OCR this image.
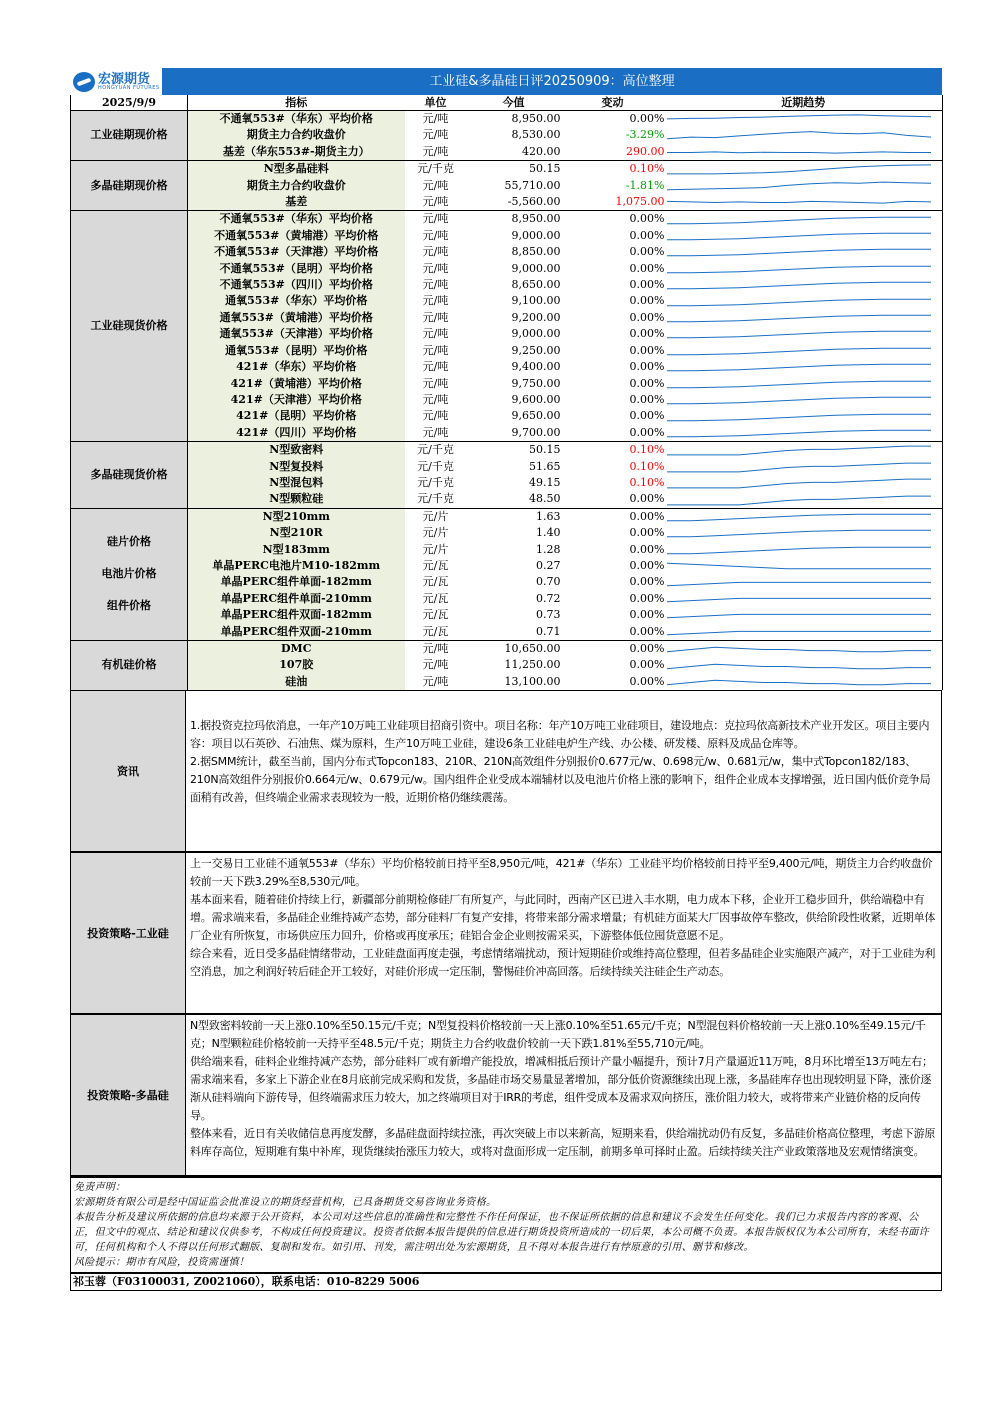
宏源期货
HONGYUAN FUTURES	工业硅&多晶硅日评20250909：高位整理
2025/9/9	指标	单位	今值	变动	近期趋势
工业硅期现价格	不通氧553#（华东）平均价格	元/吨	8,950.00	0.00%	

	期货主力合约收盘价	元/吨	8,530.00	-3.29%	

	基差（华东553#-期货主力）	元/吨	420.00	290.00	

多晶硅期现价格	N型多晶硅料	元/千克	50.15	0.10%	

	期货主力合约收盘价	元/吨	55,710.00	-1.81%	

	基差	元/吨	-5,560.00	1,075.00	

工业硅现货价格	不通氧553#（华东）平均价格	元/吨	8,950.00	0.00%	

	不通氧553#（黄埔港）平均价格	元/吨	9,000.00	0.00%	

	不通氧553#（天津港）平均价格	元/吨	8,850.00	0.00%	

	不通氧553#（昆明）平均价格	元/吨	9,000.00	0.00%	

	不通氧553#（四川）平均价格	元/吨	8,650.00	0.00%	

	通氧553#（华东）平均价格	元/吨	9,100.00	0.00%	

	通氧553#（黄埔港）平均价格	元/吨	9,200.00	0.00%	

	通氧553#（天津港）平均价格	元/吨	9,000.00	0.00%	

	通氧553#（昆明）平均价格	元/吨	9,250.00	0.00%	

	421#（华东）平均价格	元/吨	9,400.00	0.00%	

	421#（黄埔港）平均价格	元/吨	9,750.00	0.00%	

	421#（天津港）平均价格	元/吨	9,600.00	0.00%	

	421#（昆明）平均价格	元/吨	9,650.00	0.00%	

	421#（四川）平均价格	元/吨	9,700.00	0.00%	

多晶硅现货价格	N型致密料	元/千克	50.15	0.10%	

	N型复投料	元/千克	51.65	0.10%	

	N型混包料	元/千克	49.15	0.10%	

	N型颗粒硅	元/千克	48.50	0.00%	

硅片价格
电池片价格
组件价格	N型210mm	元/片	1.63	0.00%	

	N型210R	元/片	1.40	0.00%	

	N型183mm	元/片	1.28	0.00%	

	单晶PERC电池片M10-182mm	元/瓦	0.27	0.00%	

	单晶PERC组件单面-182mm	元/瓦	0.70	0.00%	

	单晶PERC组件单面-210mm	元/瓦	0.72	0.00%	

	单晶PERC组件双面-182mm	元/瓦	0.73	0.00%	

	单晶PERC组件双面-210mm	元/瓦	0.71	0.00%	

有机硅价格	DMC	元/吨	10,650.00	0.00%	

	107胶	元/吨	11,250.00	0.00%	

	硅油	元/吨	13,100.00	0.00%	
资讯

1.据投资克拉玛依消息，一年产10万吨工业硅项目招商引资中。项目名称：年产10万吨工业硅项目，建设地点：克拉玛依高新技术产业开发区。项目主要内容：项目以石英砂、石油焦、煤为原料，生产10万吨工业硅，建设6条工业硅电炉生产线、办公楼、研发楼、原料及成品仓库等。

2.据SMM统计，截至当前，国内分布式Topcon183、210R、210N高效组件分别报价0.677元/w、0.698元/w、0.681元/w，集中式Topcon182/183、210N高效组件分别报价0.664元/w、0.679元/w。国内组件企业受成本端辅材以及电池片价格上涨的影响下，组件企业成本支撑增强，近日国内低价竞争局面稍有改善，但终端企业需求表现较为一般，近期价格仍继续震荡。

投资策略-工业硅

上一交易日工业硅不通氧553#（华东）平均价格较前日持平至8,950元/吨，421#（华东）工业硅平均价格较前日持平至9,400元/吨，期货主力合约收盘价较前一天下跌3.29%至8,530元/吨。

基本面来看，随着硅价持续上行，新疆部分前期检修硅厂有所复产，与此同时，西南产区已进入丰水期，电力成本下移，企业开工稳步回升，供给端稳中有增。需求端来看，多晶硅企业维持减产态势，部分硅料厂有复产安排，将带来部分需求增量；有机硅方面某大厂因事故停车整改，供给阶段性收紧，近期单体厂企业有所恢复，市场供应压力回升，价格或再度承压；硅铝合金企业则按需采买，下游整体低位囤货意愿不足。

综合来看，近日受多晶硅情绪带动，工业硅盘面再度走强，考虑情绪端扰动，预计短期硅价或维持高位整理，但若多晶硅企业实施限产减产，对于工业硅为利空消息，加之利润好转后硅企开工较好，对硅价形成一定压制，警惕硅价冲高回落。后续持续关注硅企生产动态。

投资策略-多晶硅

N型致密料较前一天上涨0.10%至50.15元/千克；N型复投料价格较前一天上涨0.10%至51.65元/千克；N型混包料价格较前一天上涨0.10%至49.15元/千克；N型颗粒硅价格较前一天持平至48.5元/千克；期货主力合约收盘价较前一天下跌1.81%至55,710元/吨。

供给端来看，硅料企业维持减产态势，部分硅料厂或有新增产能投放，增减相抵后预计产量小幅提升，预计7月产量逼近11万吨，8月环比增至13万吨左右；需求端来看，多家上下游企业在8月底前完成采购和发货，多晶硅市场交易量显著增加，部分低价资源继续出现上涨，多晶硅库存也出现较明显下降，涨价逐渐从硅料端向下游传导，但终端需求压力较大，加之终端项目对于IRR的考虑，组件受成本及需求双向挤压，涨价阻力较大，或将带来产业链价格的反向传导。

整体来看，近日有关收储信息再度发酵，多晶硅盘面持续拉涨，再次突破上市以来新高，短期来看，供给端扰动仍有反复，多晶硅价格高位整理，考虑下游原料库存高位，短期难有集中补库，现货继续抬涨压力较大，或将对盘面形成一定压制，前期多单可择时止盈。后续持续关注产业政策落地及宏观情绪演变。

免责声明：
宏源期货有限公司是经中国证监会批准设立的期货经营机构，已具备期货交易咨询业务资格。
本报告分析及建议所依据的信息均来源于公开资料，本公司对这些信息的准确性和完整性不作任何保证，也不保证所依据的信息和建议不会发生任何变化。我们已力求报告内容的客观、公正，但文中的观点、结论和建议仅供参考，不构成任何投资建议。投资者依据本报告提供的信息进行期货投资所造成的一切后果，本公司概不负责。本报告版权仅为本公司所有，未经书面许可，任何机构和个人不得以任何形式翻版、复制和发布。如引用、刊发，需注明出处为宏源期货，且不得对本报告进行有悖原意的引用、删节和修改。
风险提示：期市有风险，投资需谨慎！
祁玉蓉（F03100031, Z0021060），联系电话：010-8229 5006
